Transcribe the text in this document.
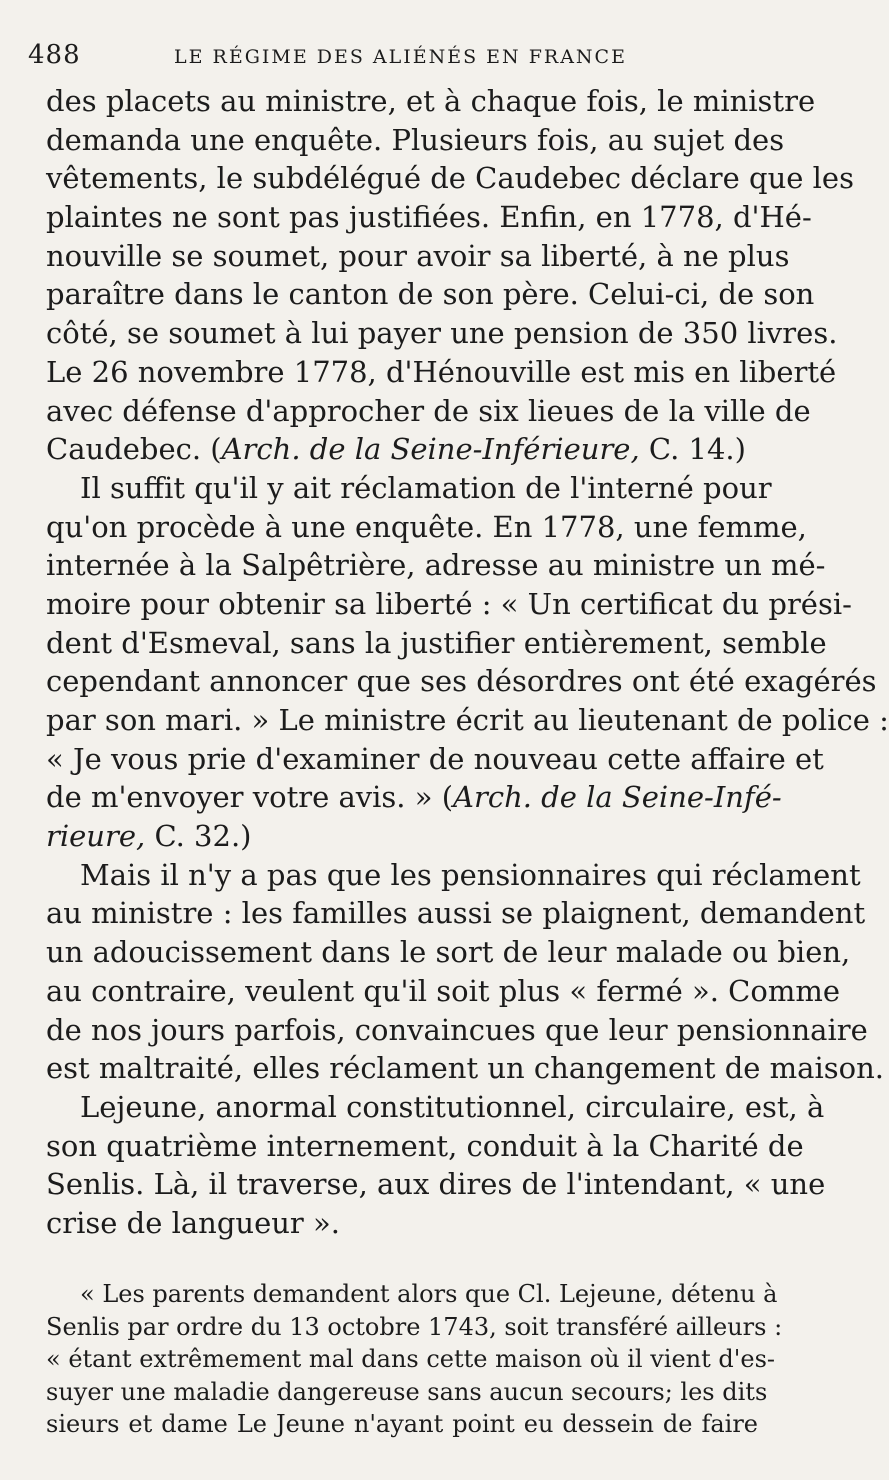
488	LE RÉGIME DES ALIÉNÉS EN FRANCE
des placets au ministre, et à chaque fois, le ministre
demanda une enquête. Plusieurs fois, au sujet des
vêtements, le subdélégué de Caudebec déclare que les
plaintes ne sont pas justifiées. Enfin, en 1778, d'Hé-
nouville se soumet, pour avoir sa liberté, à ne plus
paraître dans le canton de son père. Celui-ci, de son
côté, se soumet à lui payer une pension de 350 livres.
Le 26 novembre 1778, d'Hénouville est mis en liberté
avec défense d'approcher de six lieues de la ville de
Caudebec. (Arch. de la Seine-Inférieure, C. 14.)
Il suffit qu'il y ait réclamation de l'interné pour
qu'on procède à une enquête. En 1778, une femme,
internée à la Salpêtrière, adresse au ministre un mé-
moire pour obtenir sa liberté : « Un certificat du prési-
dent d'Esmeval, sans la justifier entièrement, semble
cependant annoncer que ses désordres ont été exagérés
par son mari. » Le ministre écrit au lieutenant de police :
« Je vous prie d'examiner de nouveau cette affaire et
de m'envoyer votre avis. » (Arch. de la Seine-Infé-
rieure, C. 32.)
Mais il n'y a pas que les pensionnaires qui réclament
au ministre : les familles aussi se plaignent, demandent
un adoucissement dans le sort de leur malade ou bien,
au contraire, veulent qu'il soit plus « fermé ». Comme
de nos jours parfois, convaincues que leur pensionnaire
est maltraité, elles réclament un changement de maison.
Lejeune, anormal constitutionnel, circulaire, est, à
son quatrième internement, conduit à la Charité de
Senlis. Là, il traverse, aux dires de l'intendant, « une
crise de langueur ».
« Les parents demandent alors que Cl. Lejeune, détenu à
Senlis par ordre du 13 octobre 1743, soit transféré ailleurs :
« étant extrêmement mal dans cette maison où il vient d'es-
suyer une maladie dangereuse sans aucun secours; les dits
sieurs et dame Le Jeune n'ayant point eu dessein de faire
